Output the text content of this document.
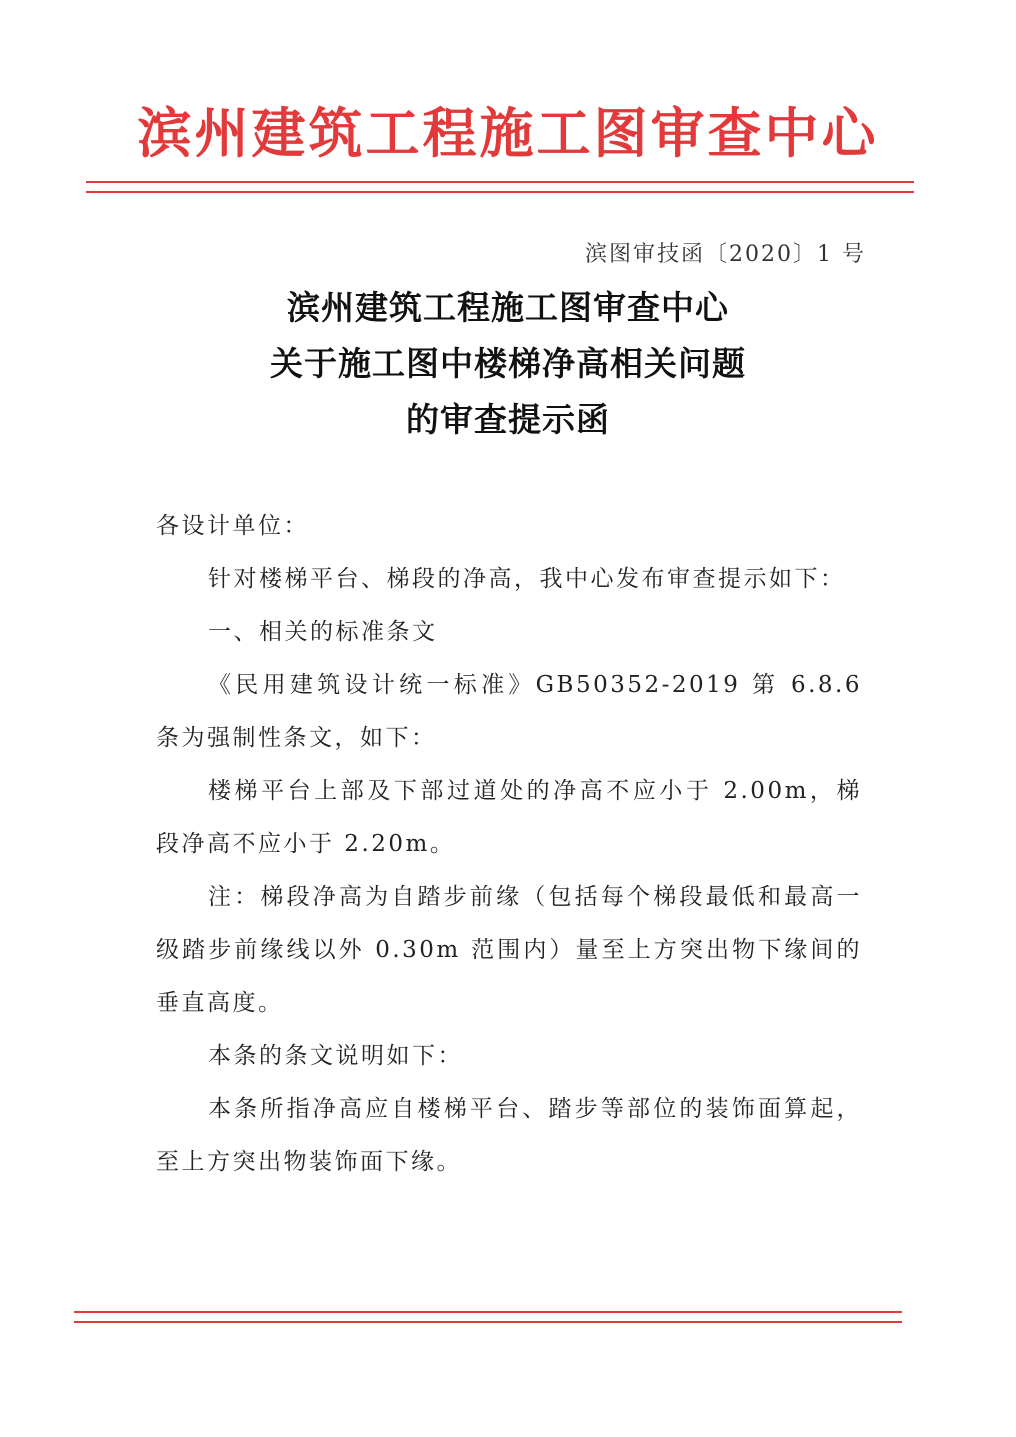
滨州建筑工程施工图审查中心
滨图审技函〔2020〕1 号
滨州建筑工程施工图审查中心
关于施工图中楼梯净高相关问题
的审查提示函

各设计单位：

针对楼梯平台、梯段的净高，我中心发布审查提示如下：

一、相关的标准条文

《民用建筑设计统一标准》GB50352-2019 第 6.8.6 条为强制性条文，如下：

楼梯平台上部及下部过道处的净高不应小于 2.00m，梯段净高不应小于 2.20m。

注：梯段净高为自踏步前缘（包括每个梯段最低和最高一级踏步前缘线以外 0.30m 范围内）量至上方突出物下缘间的垂直高度。

本条的条文说明如下：

本条所指净高应自楼梯平台、踏步等部位的装饰面算起，至上方突出物装饰面下缘。
